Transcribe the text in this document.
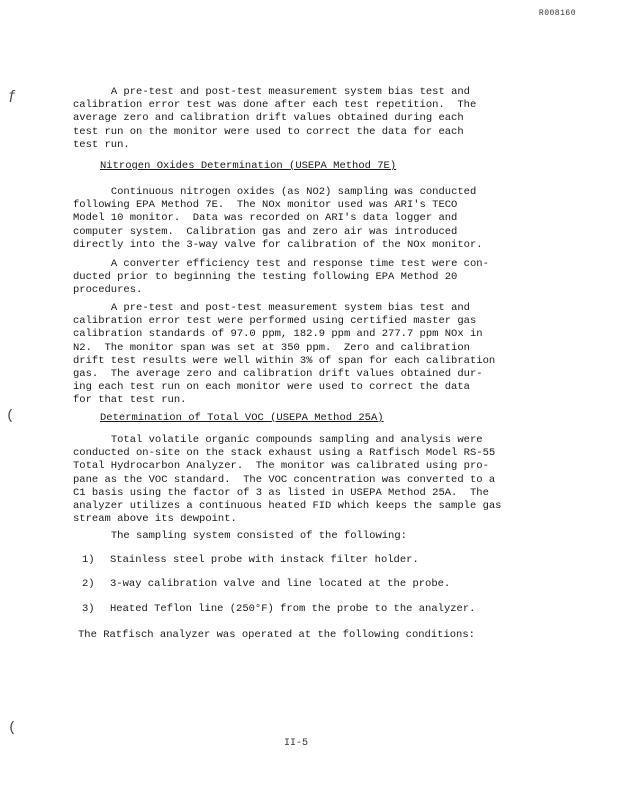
R008160
ƒ
(
(

A pre-test and post-test measurement system bias test and
calibration error test was done after each test repetition.  The
average zero and calibration drift values obtained during each
test run on the monitor were used to correct the data for each
test run.

Nitrogen Oxides Determination (USEPA Method 7E)

Continuous nitrogen oxides (as NO2) sampling was conducted
following EPA Method 7E.  The NOx monitor used was ARI's TECO
Model 10 monitor.  Data was recorded on ARI's data logger and
computer system.  Calibration gas and zero air was introduced
directly into the 3-way valve for calibration of the NOx monitor.

A converter efficiency test and response time test were con-
ducted prior to beginning the testing following EPA Method 20
procedures.

A pre-test and post-test measurement system bias test and
calibration error test were performed using certified master gas
calibration standards of 97.0 ppm, 182.9 ppm and 277.7 ppm NOx in
N2.  The monitor span was set at 350 ppm.  Zero and calibration
drift test results were well within 3% of span for each calibration
gas.  The average zero and calibration drift values obtained dur-
ing each test run on each monitor were used to correct the data
for that test run.

Determination of Total VOC (USEPA Method 25A)

Total volatile organic compounds sampling and analysis were
conducted on-site on the stack exhaust using a Ratfisch Model RS-55
Total Hydrocarbon Analyzer.  The monitor was calibrated using pro-
pane as the VOC standard.  The VOC concentration was converted to a
C1 basis using the factor of 3 as listed in USEPA Method 25A.  The
analyzer utilizes a continuous heated FID which keeps the sample gas
stream above its dewpoint.

The sampling system consisted of the following:

1) Stainless steel probe with instack filter holder.
2) 3-way calibration valve and line located at the probe.
3) Heated Teflon line (250°F) from the probe to the analyzer.
The Ratfisch analyzer was operated at the following conditions:
II-5
